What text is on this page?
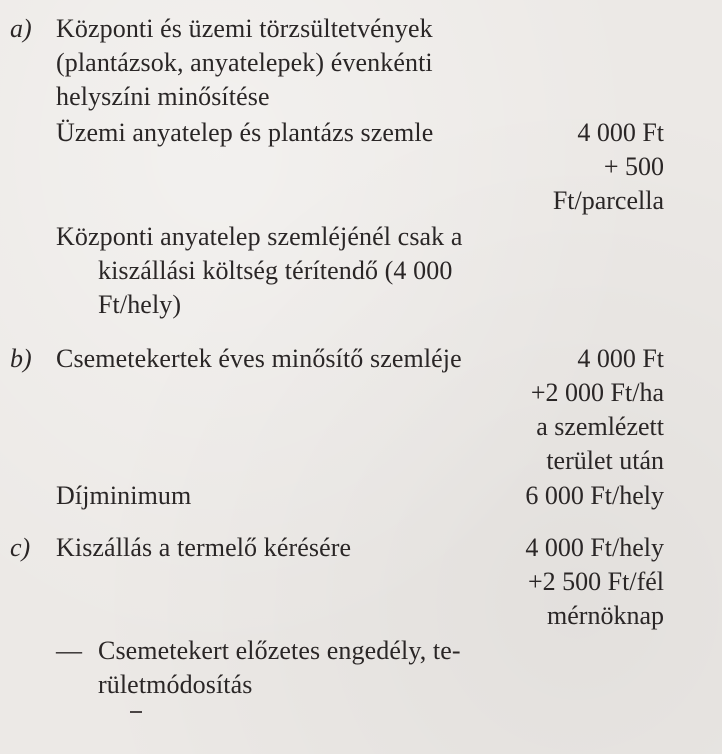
a) Központi és üzemi törzsültetvények
(plantázsok, anyatelepek) évenkénti
helyszíni minősítése
Üzemi anyatelep és plantázs szemle	4 000 Ft
+ 500
Ft/parcella
Központi anyatelep szemléjénél csak a
kiszállási költség térítendő (4 000
Ft/hely)
b) Csemetekertek éves minősítő szemléje	4 000 Ft
+2 000 Ft/ha
a szemlézett
terület után
Díjminimum	6 000 Ft/hely
c) Kiszállás a termelő kérésére	4 000 Ft/hely
+2 500 Ft/fél
mérnöknap
— Csemetekert előzetes engedély, te-
rületmódosítás
